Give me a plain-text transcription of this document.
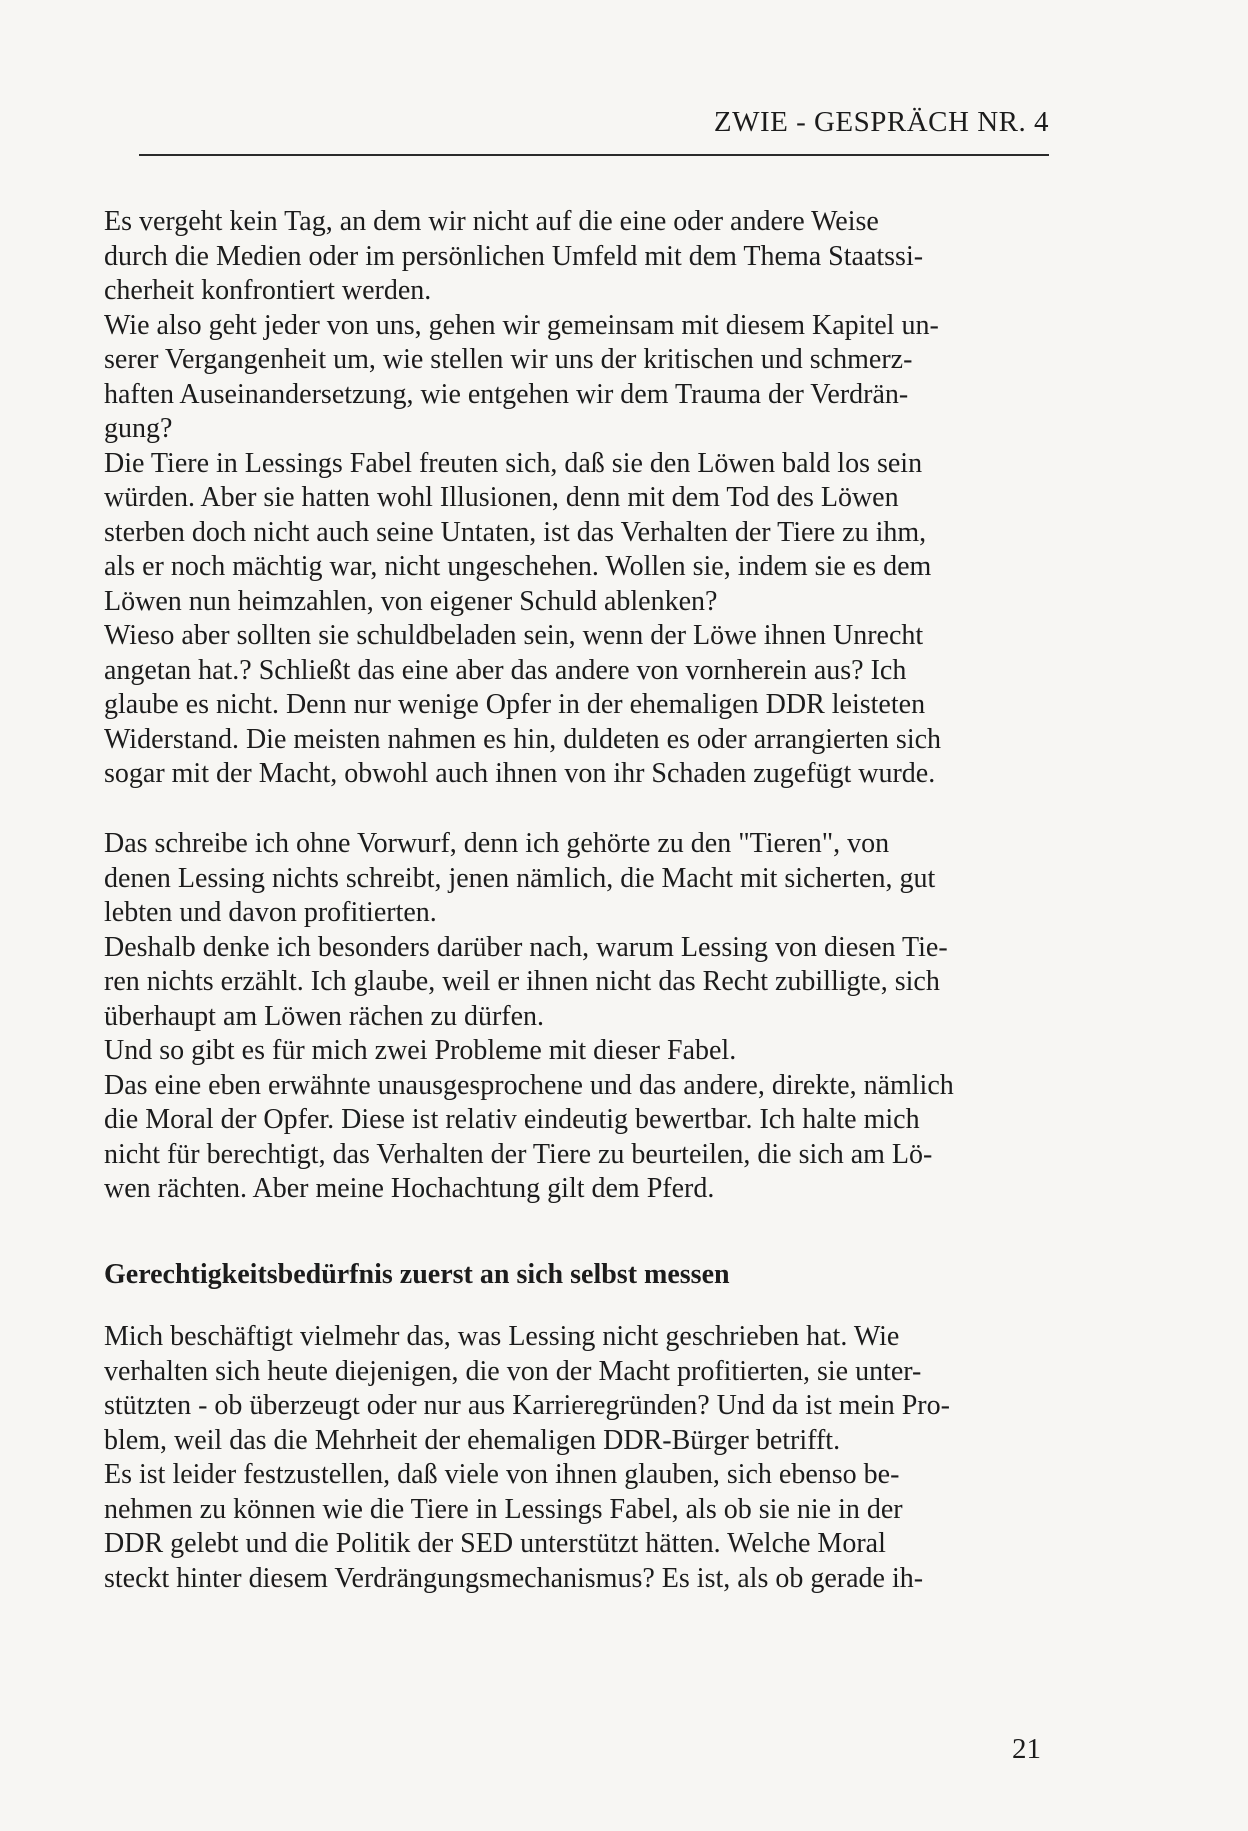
ZWIE - GESPRÄCH NR. 4

Es vergeht kein Tag, an dem wir nicht auf die eine oder andere Weise

durch die Medien oder im persönlichen Umfeld mit dem Thema Staatssi-

cherheit konfrontiert werden.

Wie also geht jeder von uns, gehen wir gemeinsam mit diesem Kapitel un-

serer Vergangenheit um, wie stellen wir uns der kritischen und schmerz-

haften Auseinandersetzung, wie entgehen wir dem Trauma der Verdrän-

gung?

Die Tiere in Lessings Fabel freuten sich, daß sie den Löwen bald los sein

würden. Aber sie hatten wohl Illusionen, denn mit dem Tod des Löwen

sterben doch nicht auch seine Untaten, ist das Verhalten der Tiere zu ihm,

als er noch mächtig war, nicht ungeschehen. Wollen sie, indem sie es dem

Löwen nun heimzahlen, von eigener Schuld ablenken?

Wieso aber sollten sie schuldbeladen sein, wenn der Löwe ihnen Unrecht

angetan hat.? Schließt das eine aber das andere von vornherein aus? Ich

glaube es nicht. Denn nur wenige Opfer in der ehemaligen DDR leisteten

Widerstand. Die meisten nahmen es hin, duldeten es oder arrangierten sich

sogar mit der Macht, obwohl auch ihnen von ihr Schaden zugefügt wurde.

Das schreibe ich ohne Vorwurf, denn ich gehörte zu den "Tieren", von

denen Lessing nichts schreibt, jenen nämlich, die Macht mit sicherten, gut

lebten und davon profitierten.

Deshalb denke ich besonders darüber nach, warum Lessing von diesen Tie-

ren nichts erzählt. Ich glaube, weil er ihnen nicht das Recht zubilligte, sich

überhaupt am Löwen rächen zu dürfen.

Und so gibt es für mich zwei Probleme mit dieser Fabel.

Das eine eben erwähnte unausgesprochene und das andere, direkte, nämlich

die Moral der Opfer. Diese ist relativ eindeutig bewertbar. Ich halte mich

nicht für berechtigt, das Verhalten der Tiere zu beurteilen, die sich am Lö-

wen rächten. Aber meine Hochachtung gilt dem Pferd.

Gerechtigkeitsbedürfnis zuerst an sich selbst messen

Mich beschäftigt vielmehr das, was Lessing nicht geschrieben hat. Wie

verhalten sich heute diejenigen, die von der Macht profitierten, sie unter-

stützten - ob überzeugt oder nur aus Karrieregründen? Und da ist mein Pro-

blem, weil das die Mehrheit der ehemaligen DDR-Bürger betrifft.

Es ist leider festzustellen, daß viele von ihnen glauben, sich ebenso be-

nehmen zu können wie die Tiere in Lessings Fabel, als ob sie nie in der

DDR gelebt und die Politik der SED unterstützt hätten. Welche Moral

steckt hinter diesem Verdrängungsmechanismus? Es ist, als ob gerade ih-

21
